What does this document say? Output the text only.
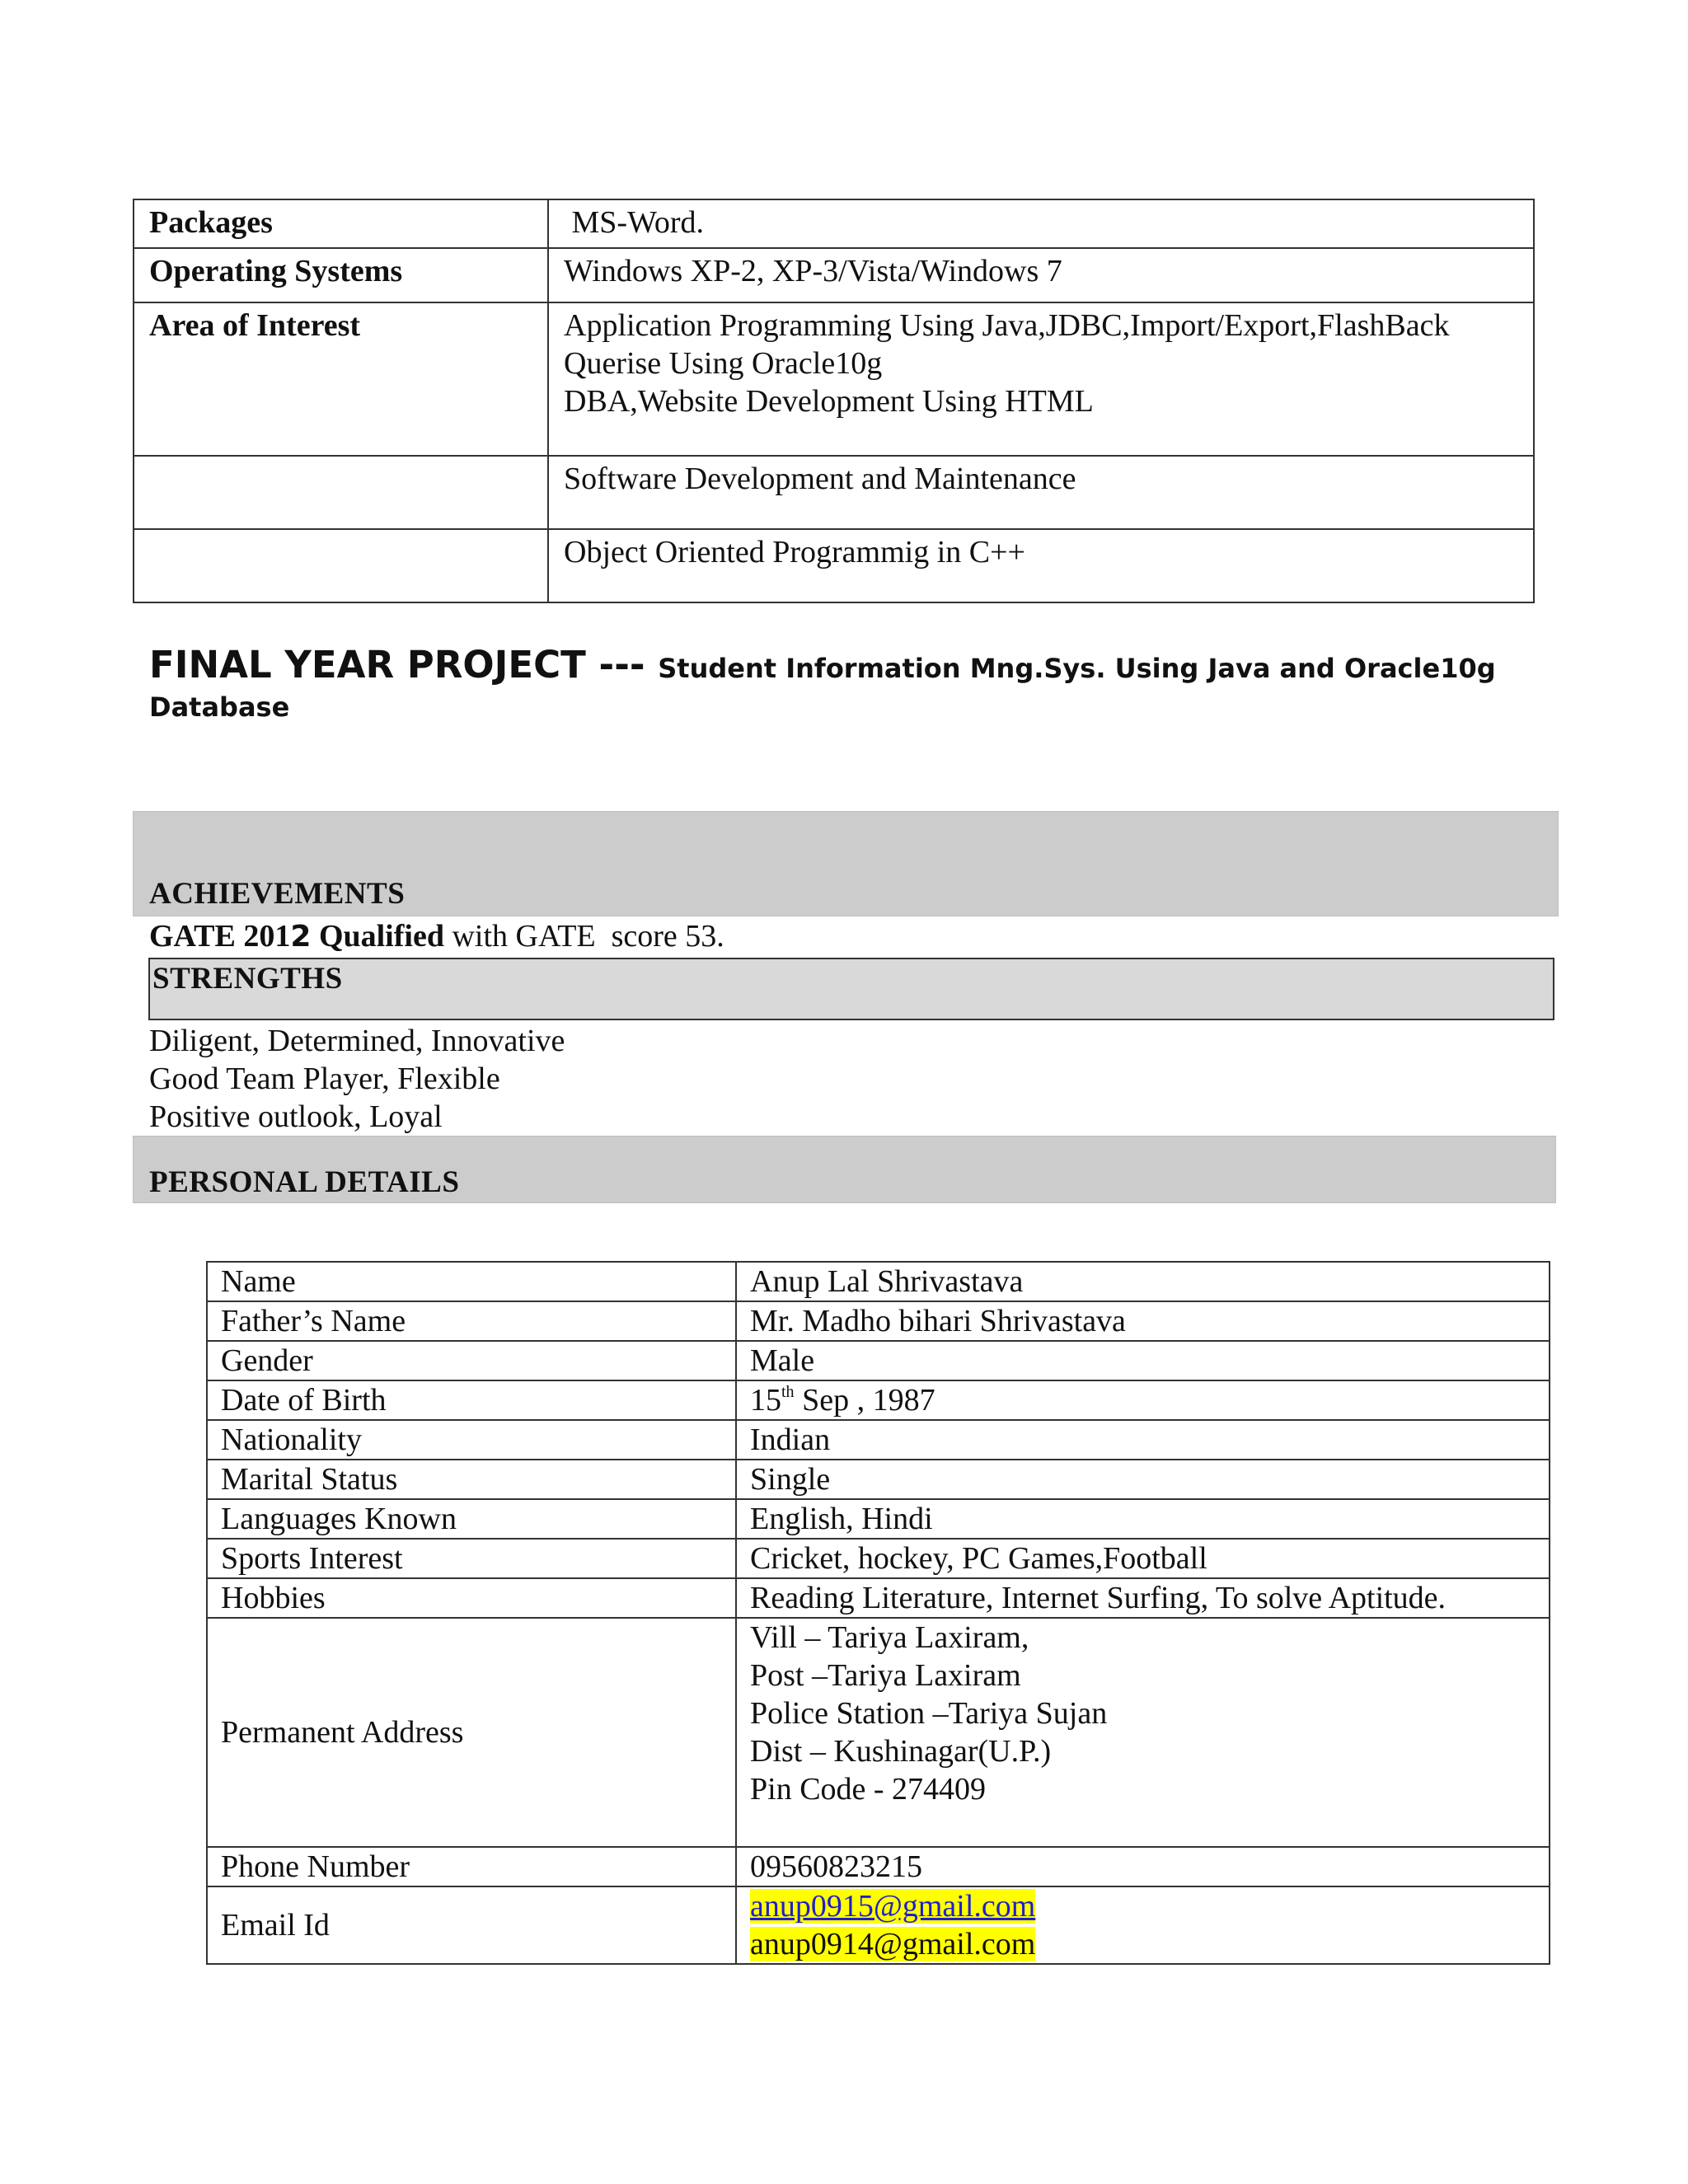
Packages	MS-Word.

Operating Systems	Windows XP-2, XP-3/Vista/Windows 7

Area of Interest	Application Programming Using Java,JDBC,Import/Export,FlashBack
Querise Using Oracle10g
DBA,Website Development Using HTML

	Software Development and Maintenance

	Object Oriented Programmig in C++
FINAL YEAR PROJECT --- Student Information Mng.Sys. Using Java and Oracle10g
Database
ACHIEVEMENTS
GATE 2012 Qualified with GATE  score 53.
STRENGTHS
Diligent, Determined, Innovative
Good Team Player, Flexible
Positive outlook, Loyal
PERSONAL DETAILS
Name	Anup Lal Shrivastava
Father’s Name	Mr. Madho bihari Shrivastava
Gender	Male
Date of Birth	15th Sep , 1987
Nationality	Indian
Marital Status	Single
Languages Known	English, Hindi
Sports Interest	Cricket, hockey, PC Games,Football
Hobbies	Reading Literature, Internet Surfing, To solve Aptitude.
Permanent Address	Vill – Tariya Laxiram,
Post –Tariya Laxiram
Police Station –Tariya Sujan
Dist – Kushinagar(U.P.)
Pin Code - 274409

Phone Number	09560823215
Email Id	anup0915@gmail.com
anup0914@gmail.com
